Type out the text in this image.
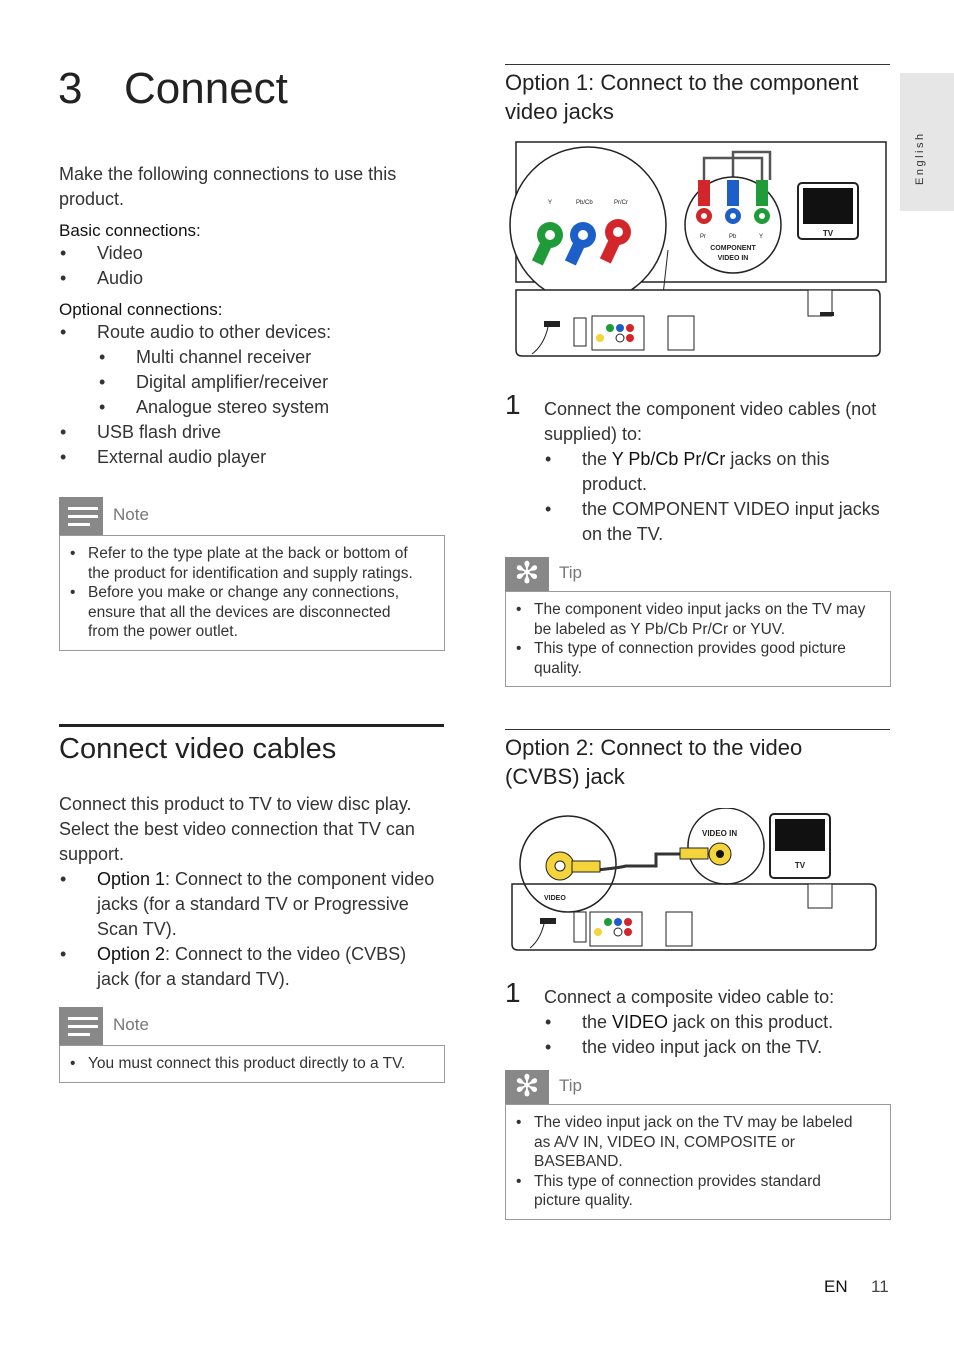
English
3 Connect

Make the following connections to use this product.

Basic connections:

• Video
• Audio

Optional connections:

• Route audio to other devices:
• Multi channel receiver
• Digital amplifier/receiver
• Analogue stereo system
• USB flash drive
• External audio player
Note
• Refer to the type plate at the back or bottom of the product for identification and supply ratings.
• Before you make or change any connections, ensure that all the devices are disconnected from the power outlet.
Connect video cables

Connect this product to TV to view disc play. Select the best video connection that TV can support.

• Option 1: Connect to the component video jacks (for a standard TV or Progressive Scan TV).
• Option 2: Connect to the video (CVBS) jack (for a standard TV).
Note
• You must connect this product directly to a TV.
Option 1: Connect to the component video jacks
Y	Pb/Cb	Pr/Cr
Pr	Pb	Y
COMPONENT
VIDEO IN
TV
1 Connect the component video cables (not supplied) to:

• the Y Pb/Cb Pr/Cr jacks on this product.
• the COMPONENT VIDEO input jacks on the TV.
✻	Tip
• The component video input jacks on the TV may be labeled as Y Pb/Cb Pr/Cr or YUV.
• This type of connection provides good picture quality.
Option 2: Connect to the video (CVBS) jack
VIDEO
VIDEO IN
TV
1 Connect a composite video cable to:

• the VIDEO jack on this product.
• the video input jack on the TV.
✻	Tip
• The video input jack on the TV may be labeled as A/V IN, VIDEO IN, COMPOSITE or BASEBAND.
• This type of connection provides standard picture quality.
EN 11
